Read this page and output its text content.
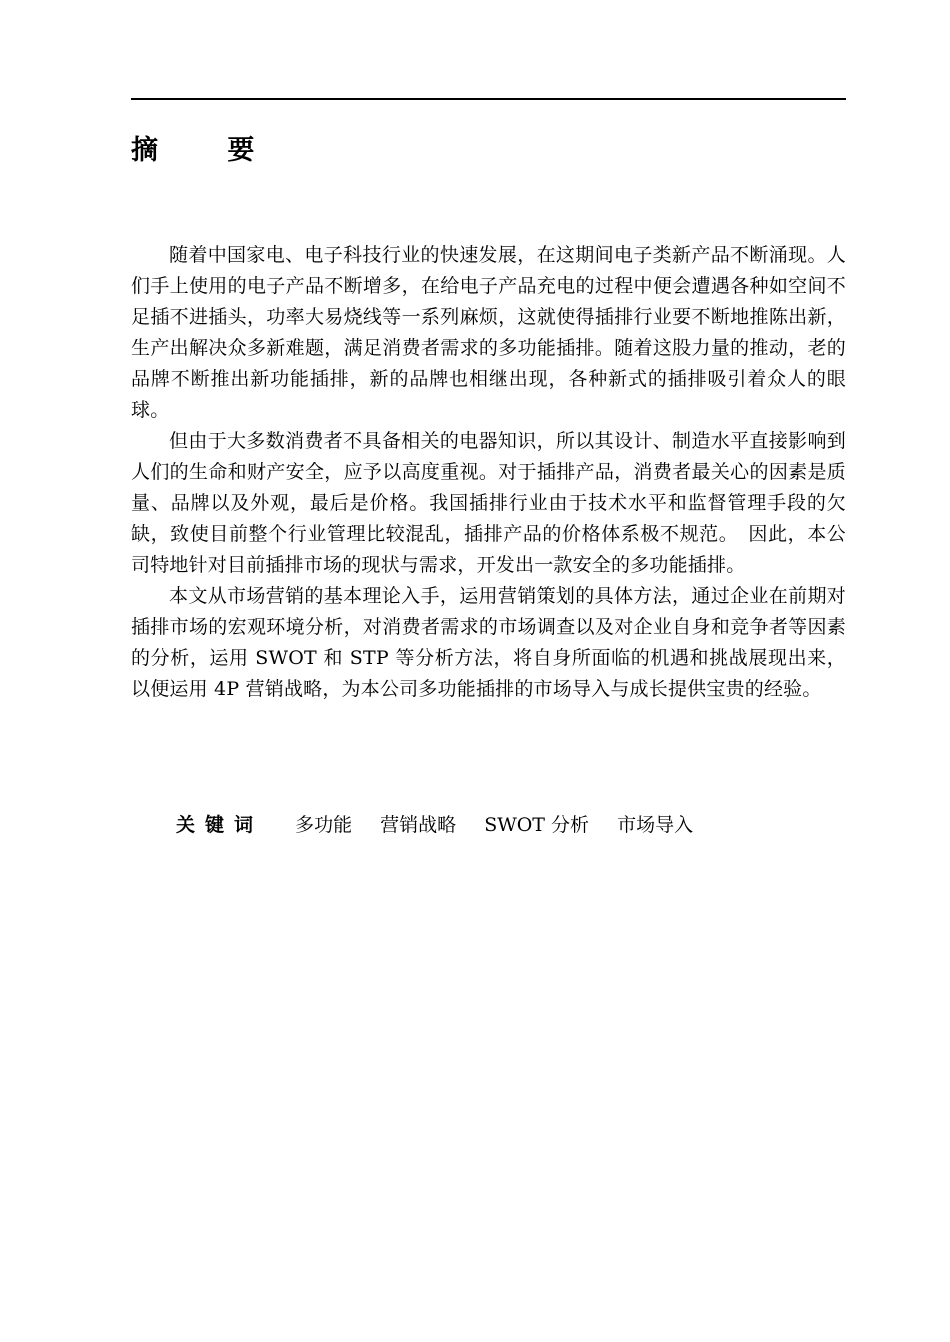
摘 要

随着中国家电、电子科技行业的快速发展，在这期间电子类新产品不断涌现。人们手上使用的电子产品不断增多，在给电子产品充电的过程中便会遭遇各种如空间不足插不进插头，功率大易烧线等一系列麻烦，这就使得插排行业要不断地推陈出新，生产出解决众多新难题，满足消费者需求的多功能插排。随着这股力量的推动，老的品牌不断推出新功能插排，新的品牌也相继出现，各种新式的插排吸引着众人的眼球。

但由于大多数消费者不具备相关的电器知识，所以其设计、制造水平直接影响到人们的生命和财产安全，应予以高度重视。对于插排产品，消费者最关心的因素是质量、品牌以及外观，最后是价格。我国插排行业由于技术水平和监督管理手段的欠缺，致使目前整个行业管理比较混乱，插排产品的价格体系极不规范。　因此，本公司特地针对目前插排市场的现状与需求，开发出一款安全的多功能插排。

本文从市场营销的基本理论入手，运用营销策划的具体方法，通过企业在前期对插排市场的宏观环境分析，对消费者需求的市场调查以及对企业自身和竞争者等因素的分析，运用 SWOT 和 STP 等分析方法，将自身所面临的机遇和挑战展现出来，以便运用 4P 营销战略，为本公司多功能插排的市场导入与成长提供宝贵的经验。

关键词 多功能 营销战略 SWOT 分析 市场导入
